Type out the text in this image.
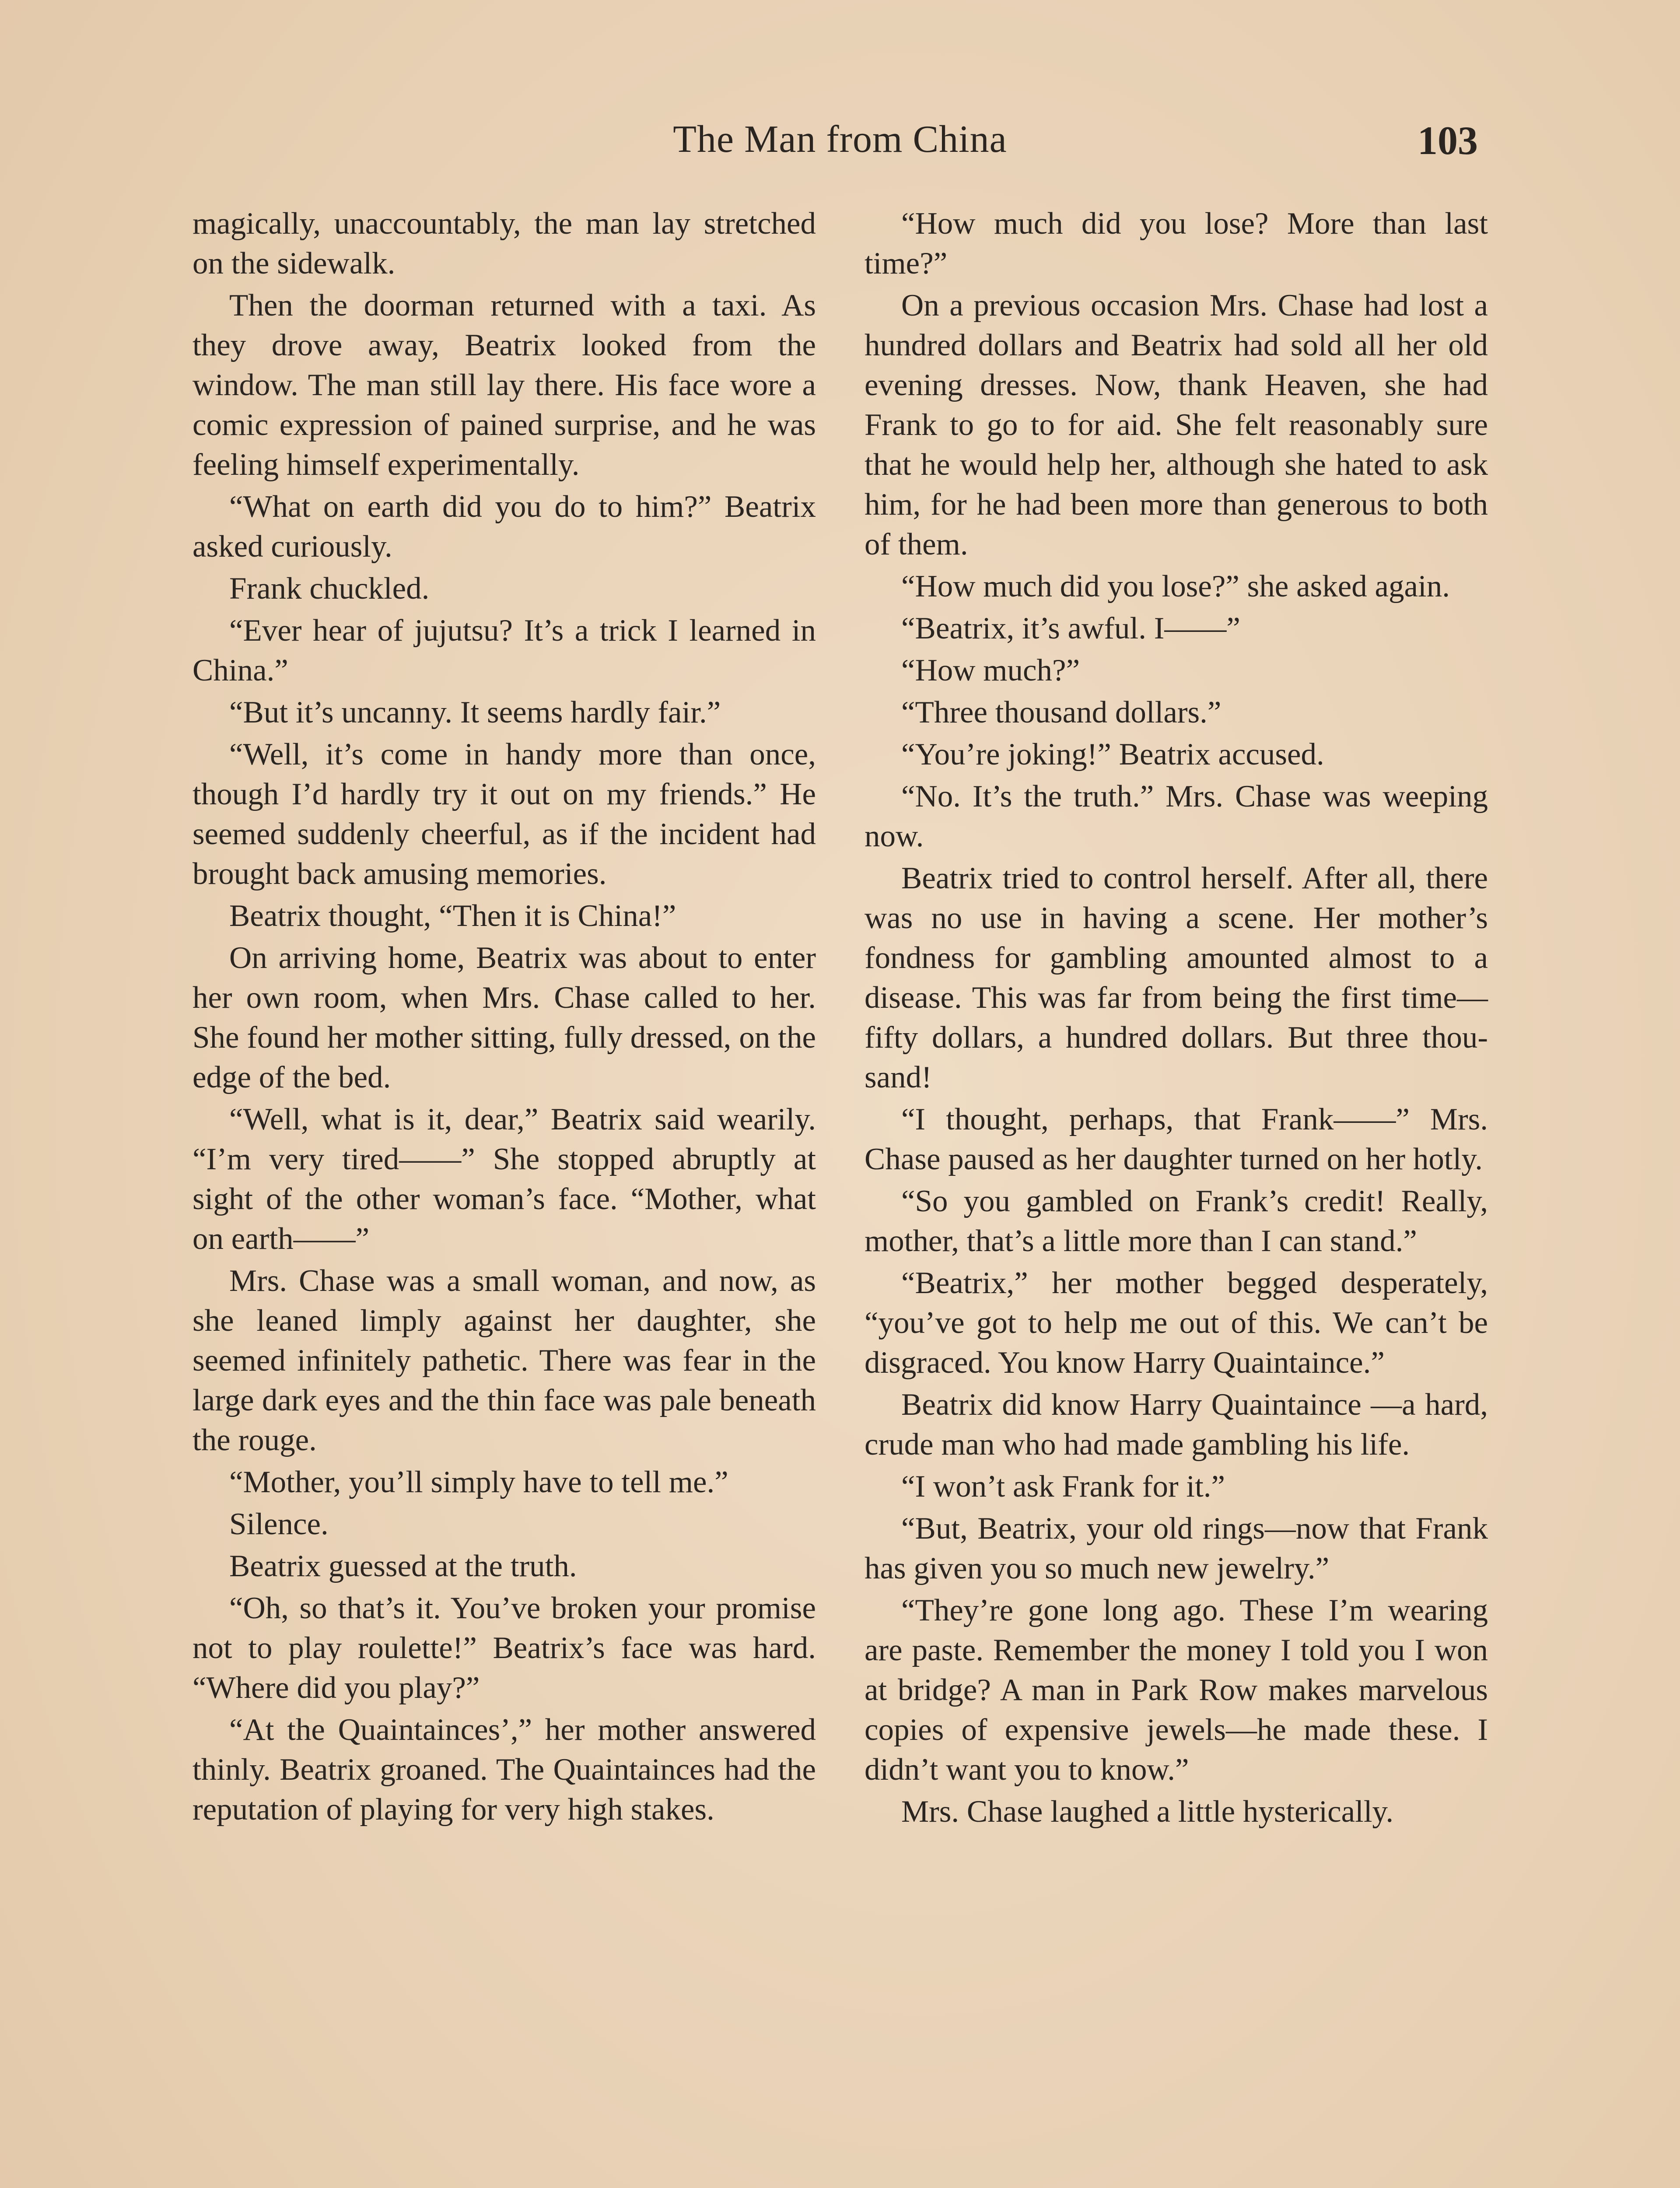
The Man from China	103

magically, unaccountably, the man lay stretched on the sidewalk.

Then the doorman returned with a taxi. As they drove away, Beatrix looked from the window. The man still lay there. His face wore a comic expression of pained surprise, and he was feeling himself experimentally.

“What on earth did you do to him?” Beatrix asked curiously.

Frank chuckled.

“Ever hear of jujutsu? It’s a trick I learned in China.”

“But it’s uncanny. It seems hardly fair.”

“Well, it’s come in handy more than once, though I’d hardly try it out on my friends.” He seemed suddenly cheerful, as if the incident had brought back amusing memories.

Beatrix thought, “Then it is China!”

On arriving home, Beatrix was about to enter her own room, when Mrs. Chase called to her. She found her mother sitting, fully dressed, on the edge of the bed.

“Well, what is it, dear,” Beatrix said wearily. “I’m very tired——” She stopped abruptly at sight of the other woman’s face. “Mother, what on earth——”

Mrs. Chase was a small woman, and now, as she leaned limply against her daughter, she seemed infinitely pathetic. There was fear in the large dark eyes and the thin face was pale beneath the rouge.

“Mother, you’ll simply have to tell me.”

Silence.

Beatrix guessed at the truth.

“Oh, so that’s it. You’ve broken your promise not to play roulette!” Beatrix’s face was hard. “Where did you play?”

“At the Quaintainces’,” her mother answered thinly. Beatrix groaned. The Quaintainces had the reputation of playing for very high stakes.

“How much did you lose? More than last time?”

On a previous occasion Mrs. Chase had lost a hundred dollars and Beatrix had sold all her old evening dresses. Now, thank Heaven, she had Frank to go to for aid. She felt reasonably sure that he would help her, although she hated to ask him, for he had been more than generous to both of them.

“How much did you lose?” she asked again.

“Beatrix, it’s awful. I——”

“How much?”

“Three thousand dollars.”

“You’re joking!” Beatrix accused.

“No. It’s the truth.” Mrs. Chase was weeping now.

Beatrix tried to control herself. After all, there was no use in having a scene. Her mother’s fondness for gambling amounted almost to a disease. This was far from being the first time—fifty dollars, a hundred dollars. But three thousand!

“I thought, perhaps, that Frank——” Mrs. Chase paused as her daughter turned on her hotly.

“So you gambled on Frank’s credit! Really, mother, that’s a little more than I can stand.”

“Beatrix,” her mother begged desperately, “you’ve got to help me out of this. We can’t be disgraced. You know Harry Quaintaince.”

Beatrix did know Harry Quaintaince —a hard, crude man who had made gambling his life.

“I won’t ask Frank for it.”

“But, Beatrix, your old rings—now that Frank has given you so much new jewelry.”

“They’re gone long ago. These I’m wearing are paste. Remember the money I told you I won at bridge? A man in Park Row makes marvelous copies of expensive jewels—he made these. I didn’t want you to know.”

Mrs. Chase laughed a little hysterically.
